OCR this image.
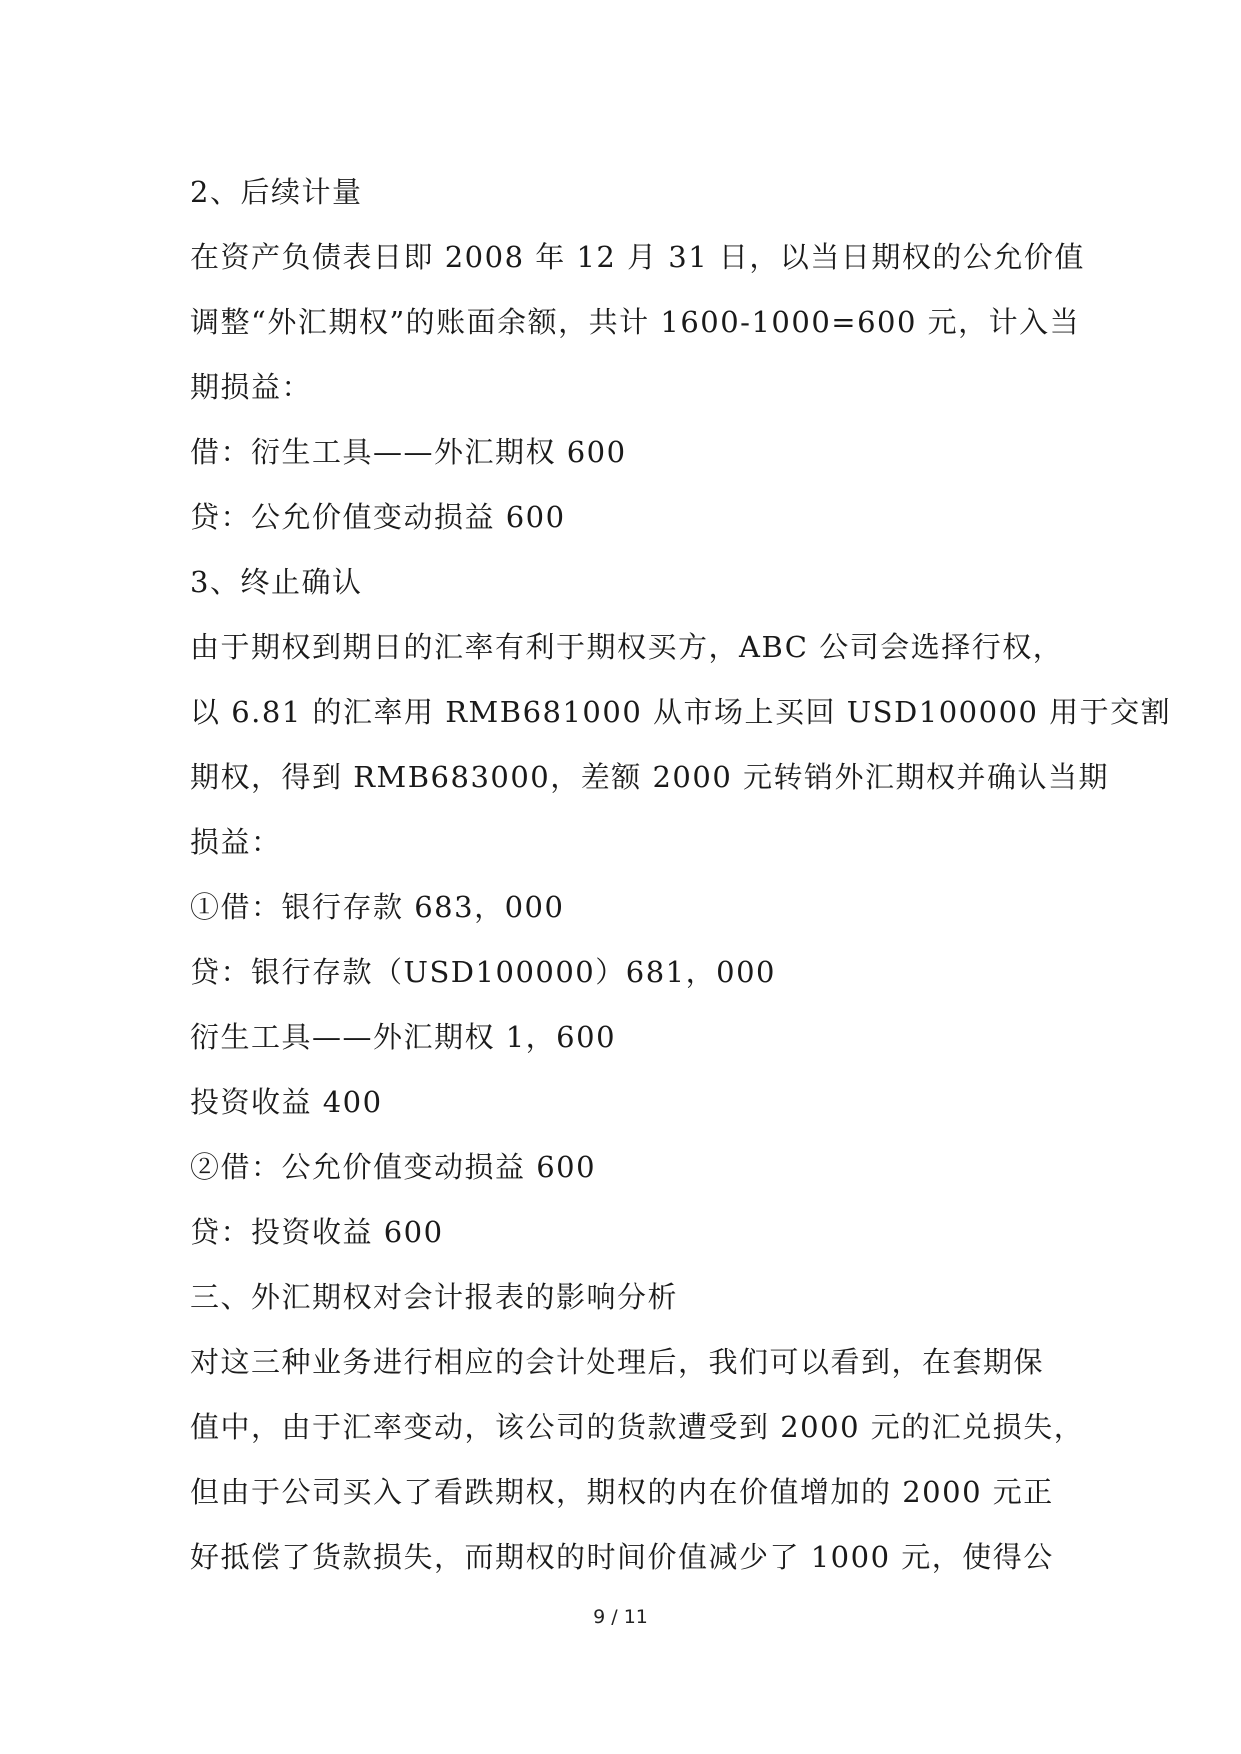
2、后续计量

在资产负债表日即 2008 年 12 月 31 日，以当日期权的公允价值

调整“外汇期权”的账面余额，共计 1600-1000=600 元，计入当

期损益：

借：衍生工具——外汇期权 600

贷：公允价值变动损益 600

3、终止确认

由于期权到期日的汇率有利于期权买方，ABC 公司会选择行权，

以 6.81 的汇率用 RMB681000 从市场上买回 USD100000 用于交割

期权，得到 RMB683000，差额 2000 元转销外汇期权并确认当期

损益：

①借：银行存款 683，000

贷：银行存款（USD100000）681，000

衍生工具——外汇期权 1，600

投资收益 400

②借：公允价值变动损益 600

贷：投资收益 600

三、外汇期权对会计报表的影响分析

对这三种业务进行相应的会计处理后，我们可以看到，在套期保

值中，由于汇率变动，该公司的货款遭受到 2000 元的汇兑损失，

但由于公司买入了看跌期权，期权的内在价值增加的 2000 元正

好抵偿了货款损失，而期权的时间价值减少了 1000 元，使得公

9 / 11
